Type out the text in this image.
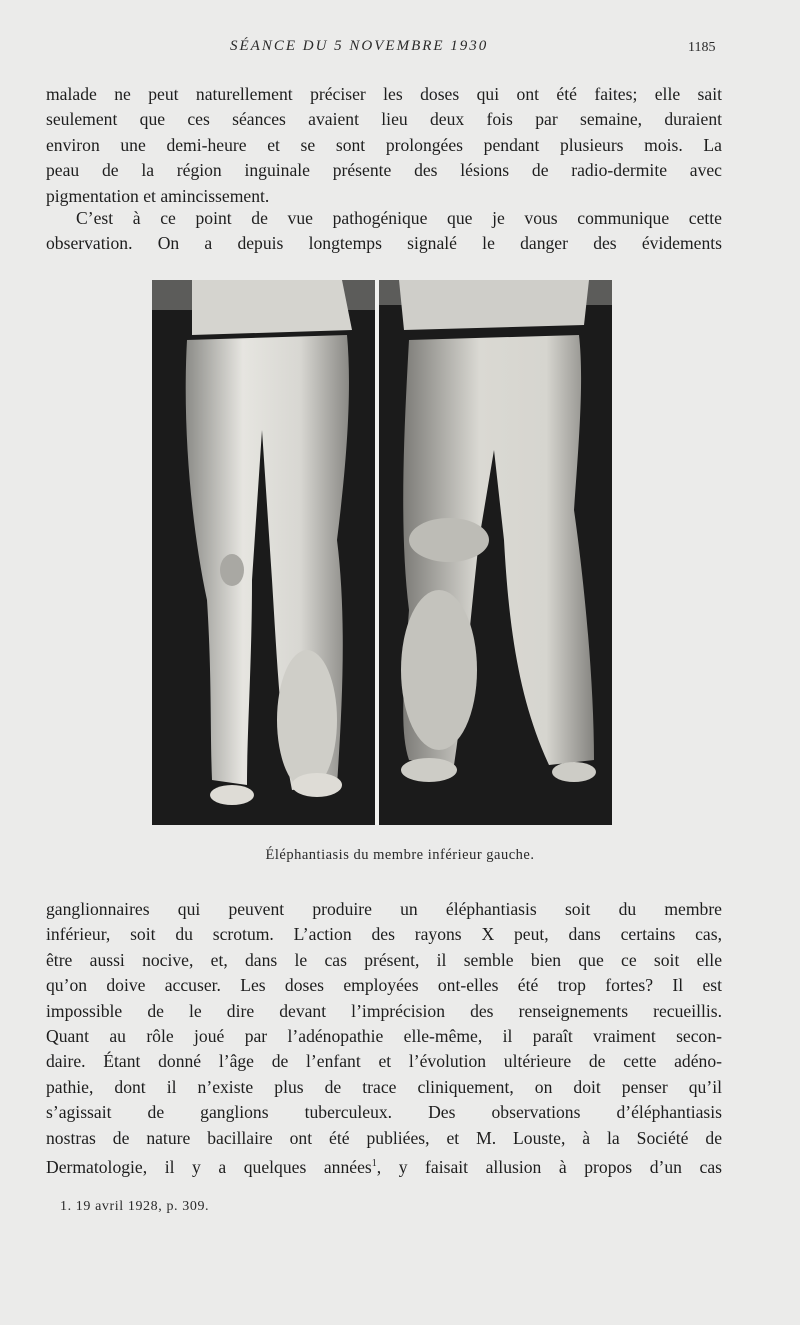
SÉANCE DU 5 NOVEMBRE 1930	1185
malade ne peut naturellement préciser les doses qui ont été faites; elle sait
seulement que ces séances avaient lieu deux fois par semaine, duraient
environ une demi-heure et se sont prolongées pendant plusieurs mois. La
peau de la région inguinale présente des lésions de radio-dermite avec
pigmentation et amincissement.
C’est à ce point de vue pathogénique que je vous communique cette
observation. On a depuis longtemps signalé le danger des évidements
Éléphantiasis du membre inférieur gauche.
ganglionnaires qui peuvent produire un éléphantiasis soit du membre
inférieur, soit du scrotum. L’action des rayons X peut, dans certains cas,
être aussi nocive, et, dans le cas présent, il semble bien que ce soit elle
qu’on doive accuser. Les doses employées ont-elles été trop fortes? Il est
impossible de le dire devant l’imprécision des renseignements recueillis.
Quant au rôle joué par l’adénopathie elle-même, il paraît vraiment secon-
daire. Étant donné l’âge de l’enfant et l’évolution ultérieure de cette adéno-
pathie, dont il n’existe plus de trace cliniquement, on doit penser qu’il
s’agissait de ganglions tuberculeux. Des observations d’éléphantiasis
nostras de nature bacillaire ont été publiées, et M. Louste, à la Société de
Dermatologie, il y a quelques années$^1$, y faisait allusion à propos d’un cas
1. 19 avril 1928, p. 309.
